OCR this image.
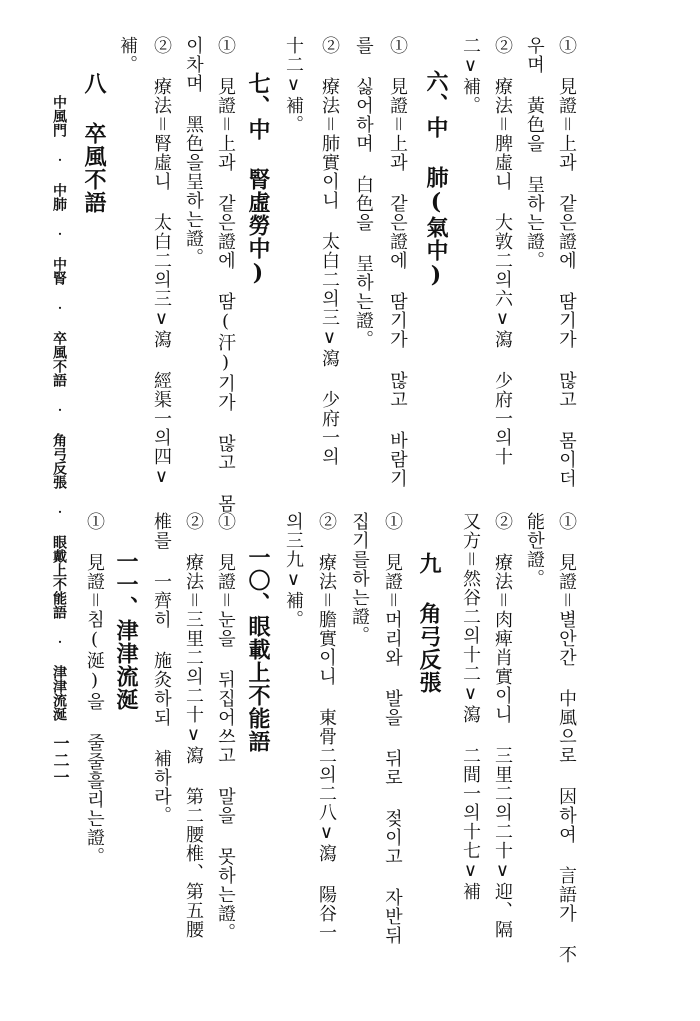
① 見證＝上과 같은證에 땀기가 많고 몸이더
우며 黃色을 呈하는證。
② 療法＝脾虛니 大敦二의六∨瀉 少府一의十
二∨補。
六、中 肺(氣中)
① 見證＝上과 같은證에 땀기가 많고 바람기
를 싫어하며 白色을 呈하는證。
② 療法＝肺實이니 太白二의三∨瀉 少府一의
十二∨補。
七、中 腎虛勞中)
① 見證＝上과 같은證에 땀(汗)기가 많고 몸
이차며 黑色을呈하는證。
② 療法＝腎虛니 太白二의三∨瀉 經渠一의四∨
補。
八 卒風不語
① 見證＝별안간 中風으로 因하여 言語가 不
能한證。
② 療法＝肉痺肖實이니 三里二의二十∨迎、隔
又方＝然谷二의十二∨瀉 二間一의十七∨補
九 角弓反張
① 見證＝머리와 발을 뒤로 젖이고 자반뒤
집기를하는證。
② 療法＝膽實이니 東骨二의二八∨瀉 陽谷一
의三九∨補。
一〇、眼載上不能語
① 見證＝눈을 뒤집어쓰고 말을 못하는證。
② 療法＝三里二의二十∨瀉 第二腰椎、第五腰
椎를 一齊히 施灸하되 補하라。
一一、津津流涎
① 見證＝침(涎)을 줄줄흘리는證。
中風門 ‧ 中肺 ‧ 中腎 ‧ 卒風不語 ‧ 角弓反張 ‧ 眼戴上不能語 ‧ 津津流涎
一二一
